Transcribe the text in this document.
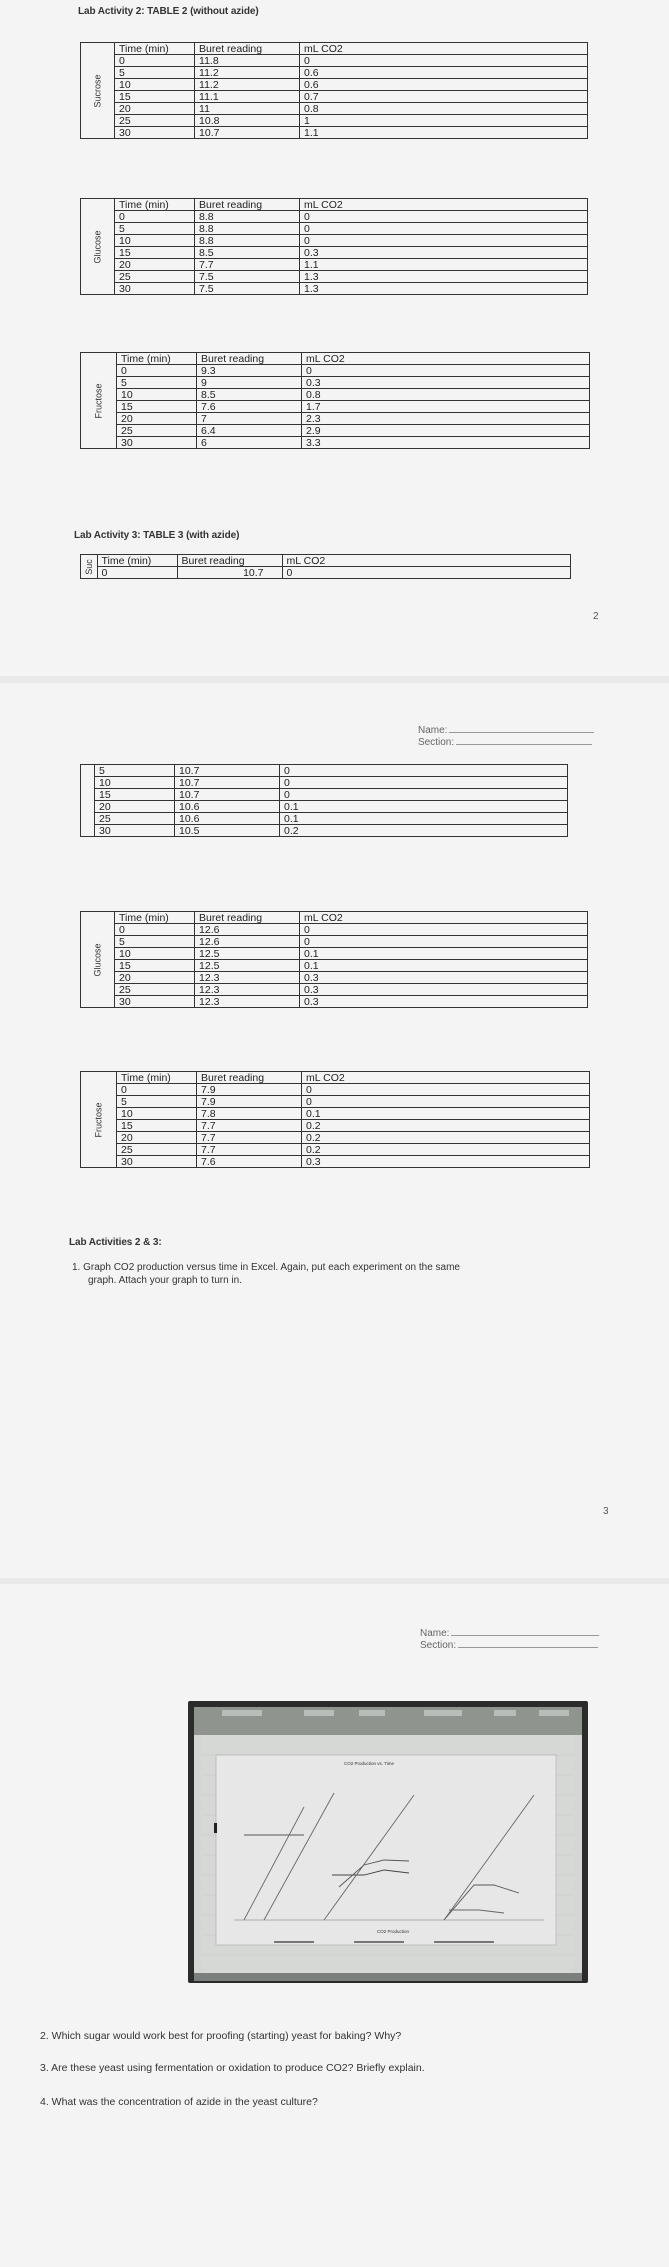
Lab Activity 2: TABLE 2 (without azide)
Sucrose	Time (min)	Buret reading	mL CO2
	0	11.8	0
	5	11.2	0.6
	10	11.2	0.6
	15	11.1	0.7
	20	11	0.8
	25	10.8	1
	30	10.7	1.1
Glucose	Time (min)	Buret reading	mL CO2
	0	8.8	0
	5	8.8	0
	10	8.8	0
	15	8.5	0.3
	20	7.7	1.1
	25	7.5	1.3
	30	7.5	1.3
Fructose	Time (min)	Buret reading	mL CO2
	0	9.3	0
	5	9	0.3
	10	8.5	0.8
	15	7.6	1.7
	20	7	2.3
	25	6.4	2.9
	30	6	3.3
Lab Activity 3: TABLE 3 (with azide)
Suc	Time (min)	Buret reading	mL CO2
	0	10.7	0
2
Name:
Section:
	5	10.7	0
	10	10.7	0
	15	10.7	0
	20	10.6	0.1
	25	10.6	0.1
	30	10.5	0.2
Glucose	Time (min)	Buret reading	mL CO2
	0	12.6	0
	5	12.6	0
	10	12.5	0.1
	15	12.5	0.1
	20	12.3	0.3
	25	12.3	0.3
	30	12.3	0.3
Fructose	Time (min)	Buret reading	mL CO2
	0	7.9	0
	5	7.9	0
	10	7.8	0.1
	15	7.7	0.2
	20	7.7	0.2
	25	7.7	0.2
	30	7.6	0.3
Lab Activities 2 & 3:
1. Graph CO2 production versus time in Excel. Again, put each experiment on the same
graph. Attach your graph to turn in.
3
Name:
Section:
CO2 Production vs. Time
CO2 Production
2. Which sugar would work best for proofing (starting) yeast for baking? Why?
3. Are these yeast using fermentation or oxidation to produce CO2? Briefly explain.
4. What was the concentration of azide in the yeast culture?
